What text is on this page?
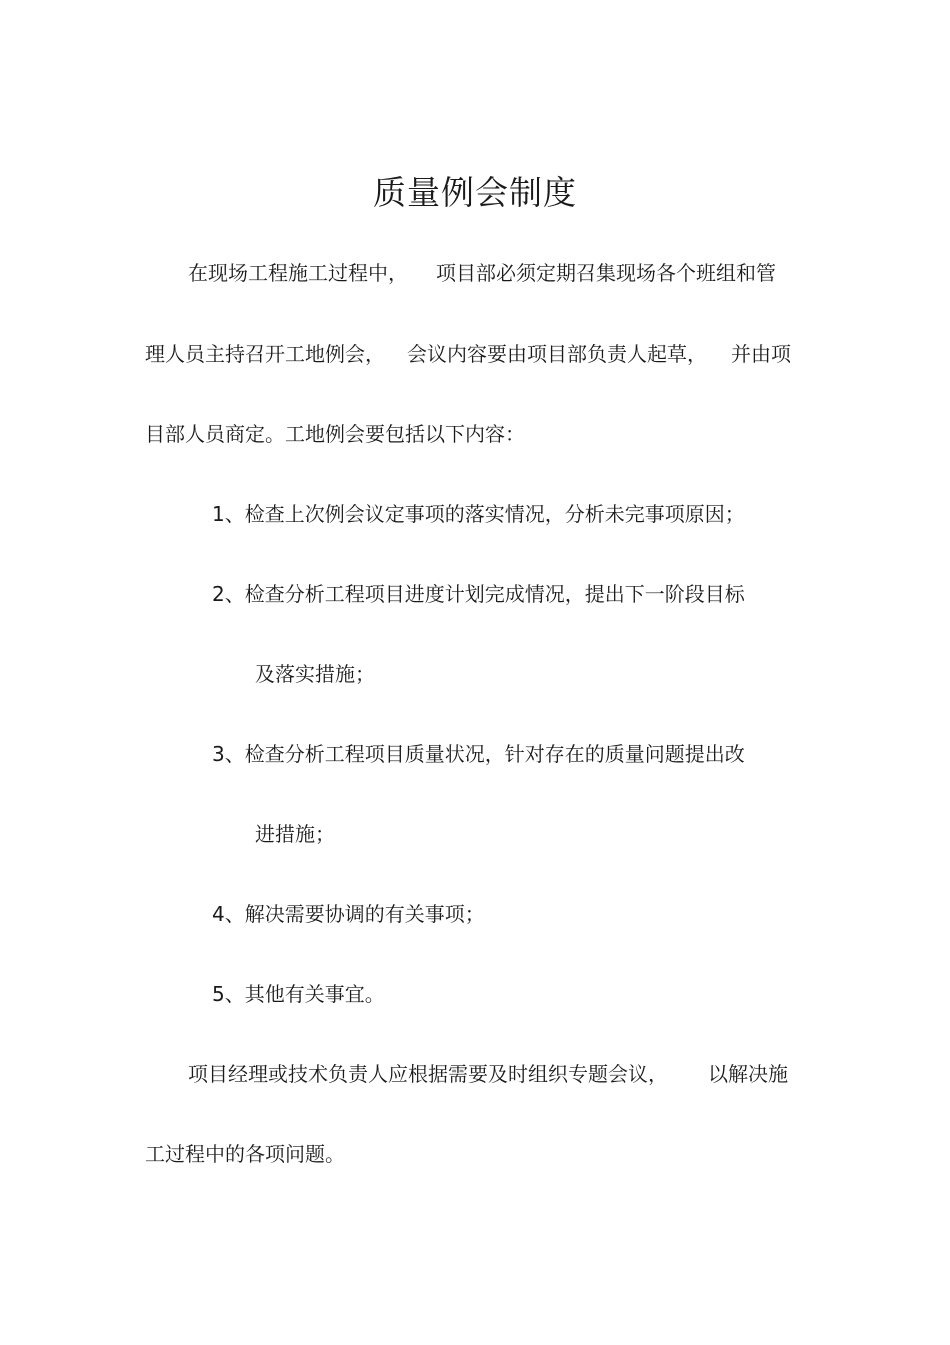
质量例会制度
在现场工程施工过程中， 项目部必须定期召集现场各个班组和管
理人员主持召开工地例会， 会议内容要由项目部负责人起草， 并由项
目部人员商定。工地例会要包括以下内容：
1、检查上次例会议定事项的落实情况，分析未完事项原因；
2、检查分析工程项目进度计划完成情况，提出下一阶段目标
及落实措施；
3、检查分析工程项目质量状况，针对存在的质量问题提出改
进措施；
4、解决需要协调的有关事项；
5、其他有关事宜。
项目经理或技术负责人应根据需要及时组织专题会议， 以解决施
工过程中的各项问题。
